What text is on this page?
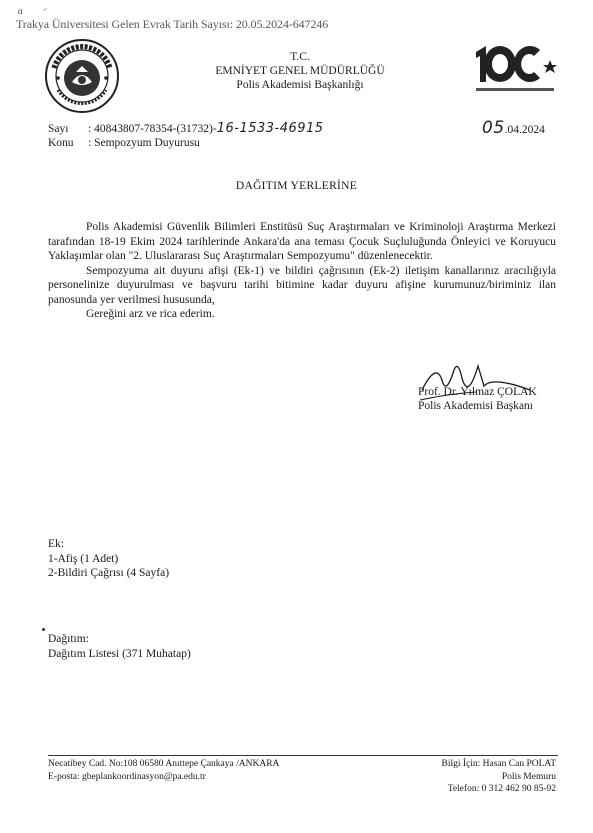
ɑ         ⸍
Trakya Üniversitesi Gelen Evrak Tarih Sayısı: 20.05.2024-647246
T.C.
EMNİYET GENEL MÜDÜRLÜĞÜ
Polis Akademisi Başkanlığı
Sayı : 40843807-78354-(31732)-16-1533-46915
Konu : Sempozyum Duyurusu
05.04.2024
DAĞITIM YERLERİNE

Polis Akademisi Güvenlik Bilimleri Enstitüsü Suç Araştırmaları ve Kriminoloji Araştırma Merkezi tarafından 18-19 Ekim 2024 tarihlerinde Ankara'da ana teması Çocuk Suçluluğunda Önleyici ve Koruyucu Yaklaşımlar olan "2. Uluslararası Suç Araştırmaları Sempozyumu" düzenlenecektir.

Sempozyuma ait duyuru afişi (Ek-1) ve bildiri çağrısının (Ek-2) iletişim kanallarınız aracılığıyla personelinize duyurulması ve başvuru tarihi bitimine kadar duyuru afişine kurumunuz/biriminiz ilan panosunda yer verilmesi hususunda,

Gereğini arz ve rica ederim.

Prof. Dr. Yılmaz ÇOLAK
Polis Akademisi Başkanı
Ek:
1-Afiş (1 Adet)
2-Bildiri Çağrısı (4 Sayfa)
Dağıtım:
Dağıtım Listesi (371 Muhatap)
Necatibey Cad. No:108 06580 Anıttepe Çankaya /ANKARA
E-posta: gbeplankoordinasyon@pa.edu.tr
Bilgi İçin: Hasan Can POLAT
Polis Memuru
Telefon: 0 312 462 90 85-92
